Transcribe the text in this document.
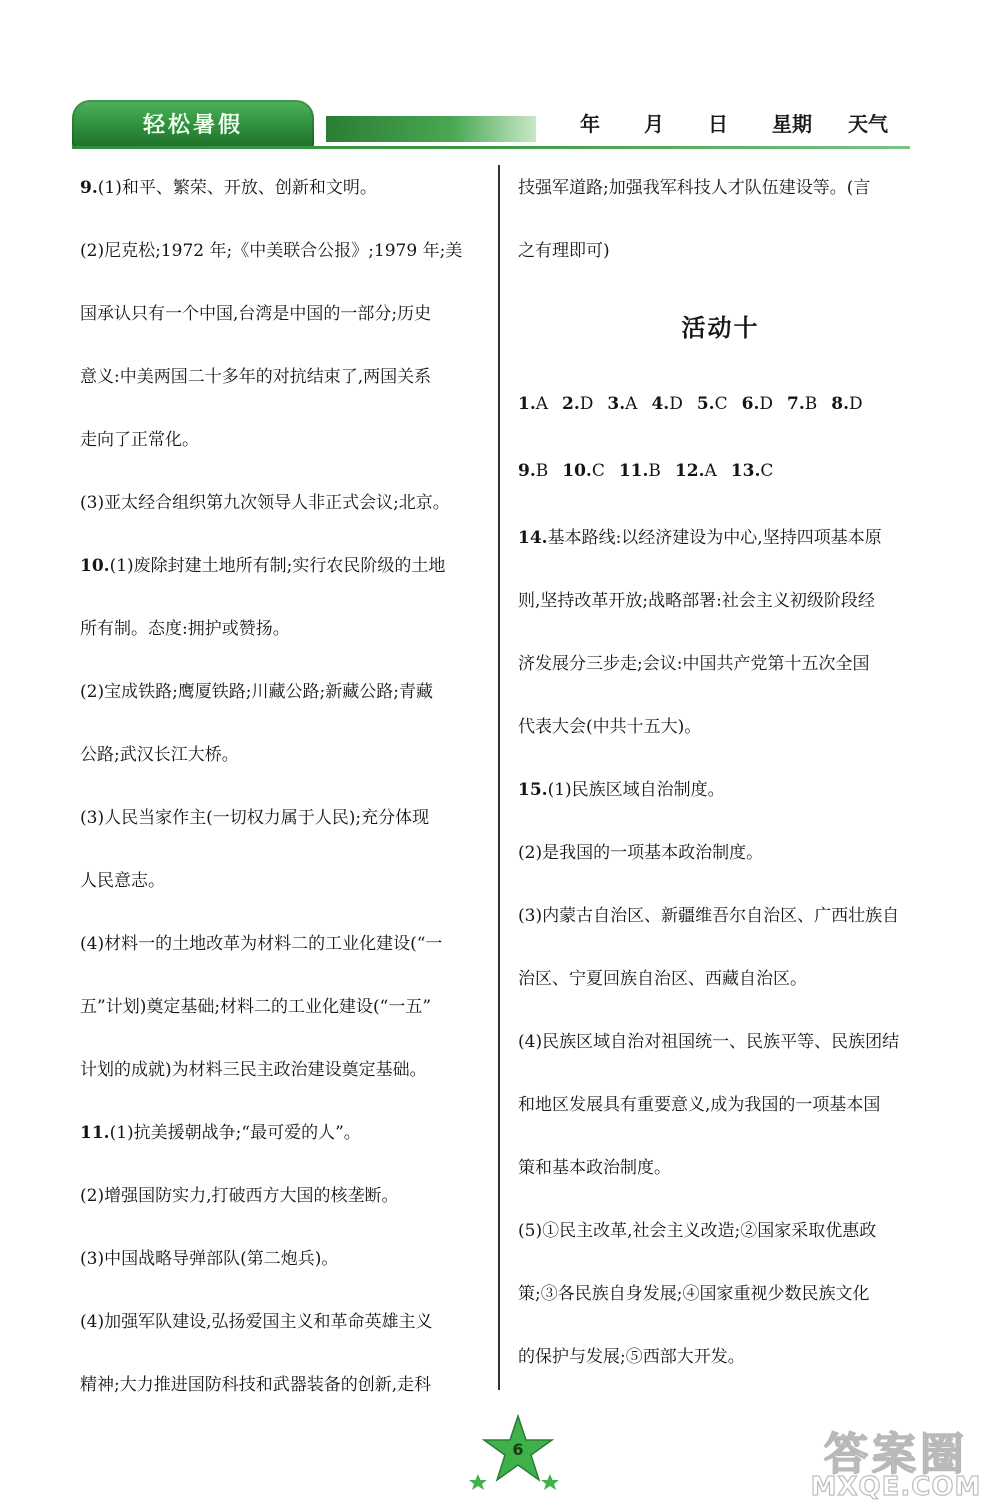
轻松暑假	年 月 日 星期 天气
9.(1)和平、繁荣、开放、创新和文明。
(2)尼克松;1972 年;《中美联合公报》;1979 年;美
国承认只有一个中国,台湾是中国的一部分;历史
意义:中美两国二十多年的对抗结束了,两国关系
走向了正常化。
(3)亚太经合组织第九次领导人非正式会议;北京。
10.(1)废除封建土地所有制;实行农民阶级的土地
所有制。态度:拥护或赞扬。
(2)宝成铁路;鹰厦铁路;川藏公路;新藏公路;青藏
公路;武汉长江大桥。
(3)人民当家作主(一切权力属于人民);充分体现
人民意志。
(4)材料一的土地改革为材料二的工业化建设(“一
五”计划)奠定基础;材料二的工业化建设(“一五”
计划的成就)为材料三民主政治建设奠定基础。
11.(1)抗美援朝战争;“最可爱的人”。
(2)增强国防实力,打破西方大国的核垄断。
(3)中国战略导弹部队(第二炮兵)。
(4)加强军队建设,弘扬爱国主义和革命英雄主义
精神;大力推进国防科技和武器装备的创新,走科
技强军道路;加强我军科技人才队伍建设等。(言
之有理即可)
活动十
1.A 2.D 3.A 4.D 5.C 6.D 7.B 8.D
9.B 10.C 11.B 12.A 13.C
14.基本路线:以经济建设为中心,坚持四项基本原
则,坚持改革开放;战略部署:社会主义初级阶段经
济发展分三步走;会议:中国共产党第十五次全国
代表大会(中共十五大)。
15.(1)民族区域自治制度。
(2)是我国的一项基本政治制度。
(3)内蒙古自治区、新疆维吾尔自治区、广西壮族自
治区、宁夏回族自治区、西藏自治区。
(4)民族区域自治对祖国统一、民族平等、民族团结
和地区发展具有重要意义,成为我国的一项基本国
策和基本政治制度。
(5)①民主改革,社会主义改造;②国家采取优惠政
策;③各民族自身发展;④国家重视少数民族文化
的保护与发展;⑤西部大开发。
6	答案圈
MXQE.COM
